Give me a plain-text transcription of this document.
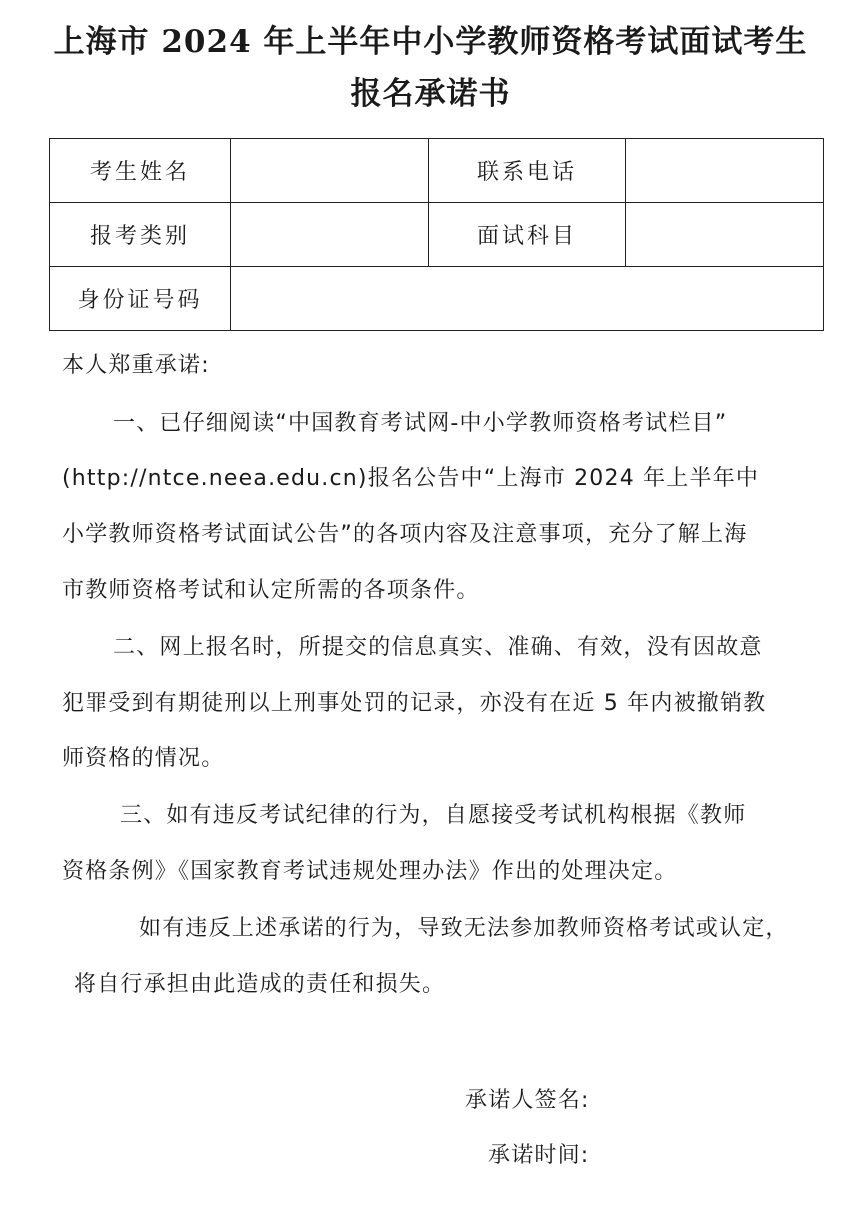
上海市 2024 年上半年中小学教师资格考试面试考生
报名承诺书
考生姓名		联系电话	
报考类别		面试科目	
身份证号码			
本人郑重承诺:
一、已仔细阅读“中国教育考试网-中小学教师资格考试栏目”
(http://ntce.neea.edu.cn)报名公告中“上海市 2024 年上半年中
小学教师资格考试面试公告”的各项内容及注意事项，充分了解上海
市教师资格考试和认定所需的各项条件。
二、网上报名时，所提交的信息真实、准确、有效，没有因故意
犯罪受到有期徒刑以上刑事处罚的记录，亦没有在近 5 年内被撤销教
师资格的情况。
三、如有违反考试纪律的行为，自愿接受考试机构根据《教师
资格条例》《国家教育考试违规处理办法》作出的处理决定。
如有违反上述承诺的行为，导致无法参加教师资格考试或认定，
将自行承担由此造成的责任和损失。
承诺人签名:
承诺时间:
